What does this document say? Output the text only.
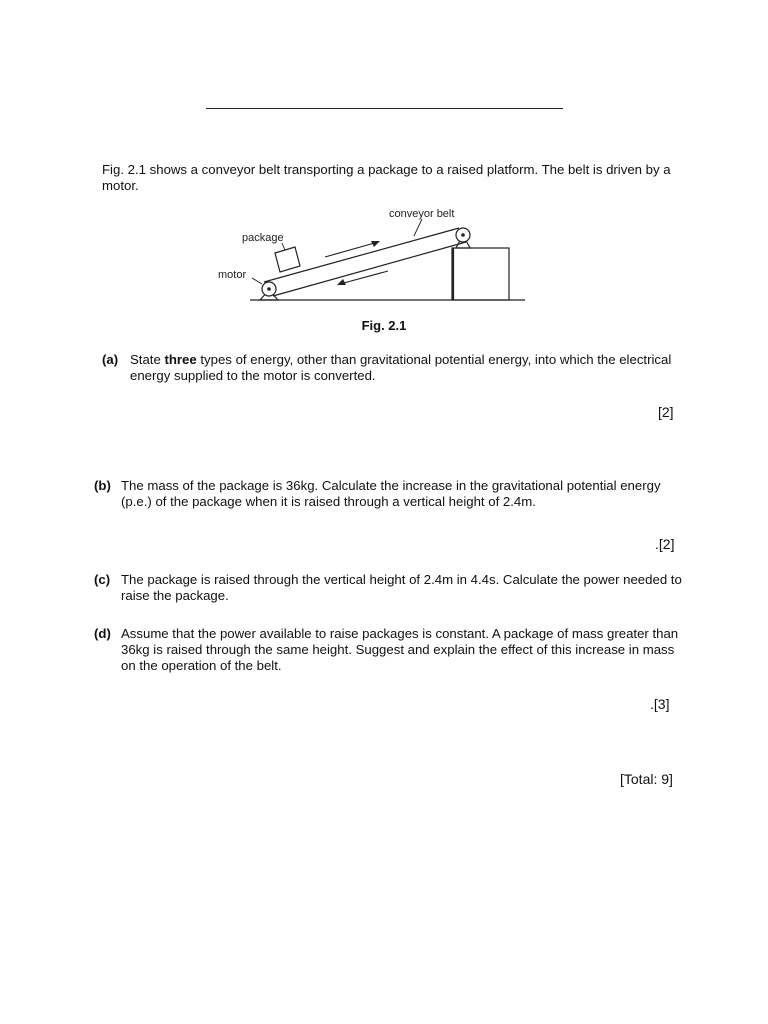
Fig. 2.1 shows a conveyor belt transporting a package to a raised platform. The belt is driven by a motor.
conveyor belt
package
motor
Fig. 2.1
(a) State three types of energy, other than gravitational potential energy, into which the electrical energy supplied to the motor is converted.
[2]
(b) The mass of the package is 36kg. Calculate the increase in the gravitational potential energy (p.e.) of the package when it is raised through a vertical height of 2.4m.
.[2]
(c) The package is raised through the vertical height of 2.4m in 4.4s. Calculate the power needed to raise the package.
(d) Assume that the power available to raise packages is constant. A package of mass greater than 36kg is raised through the same height. Suggest and explain the effect of this increase in mass on the operation of the belt.
.[3]
[Total: 9]
